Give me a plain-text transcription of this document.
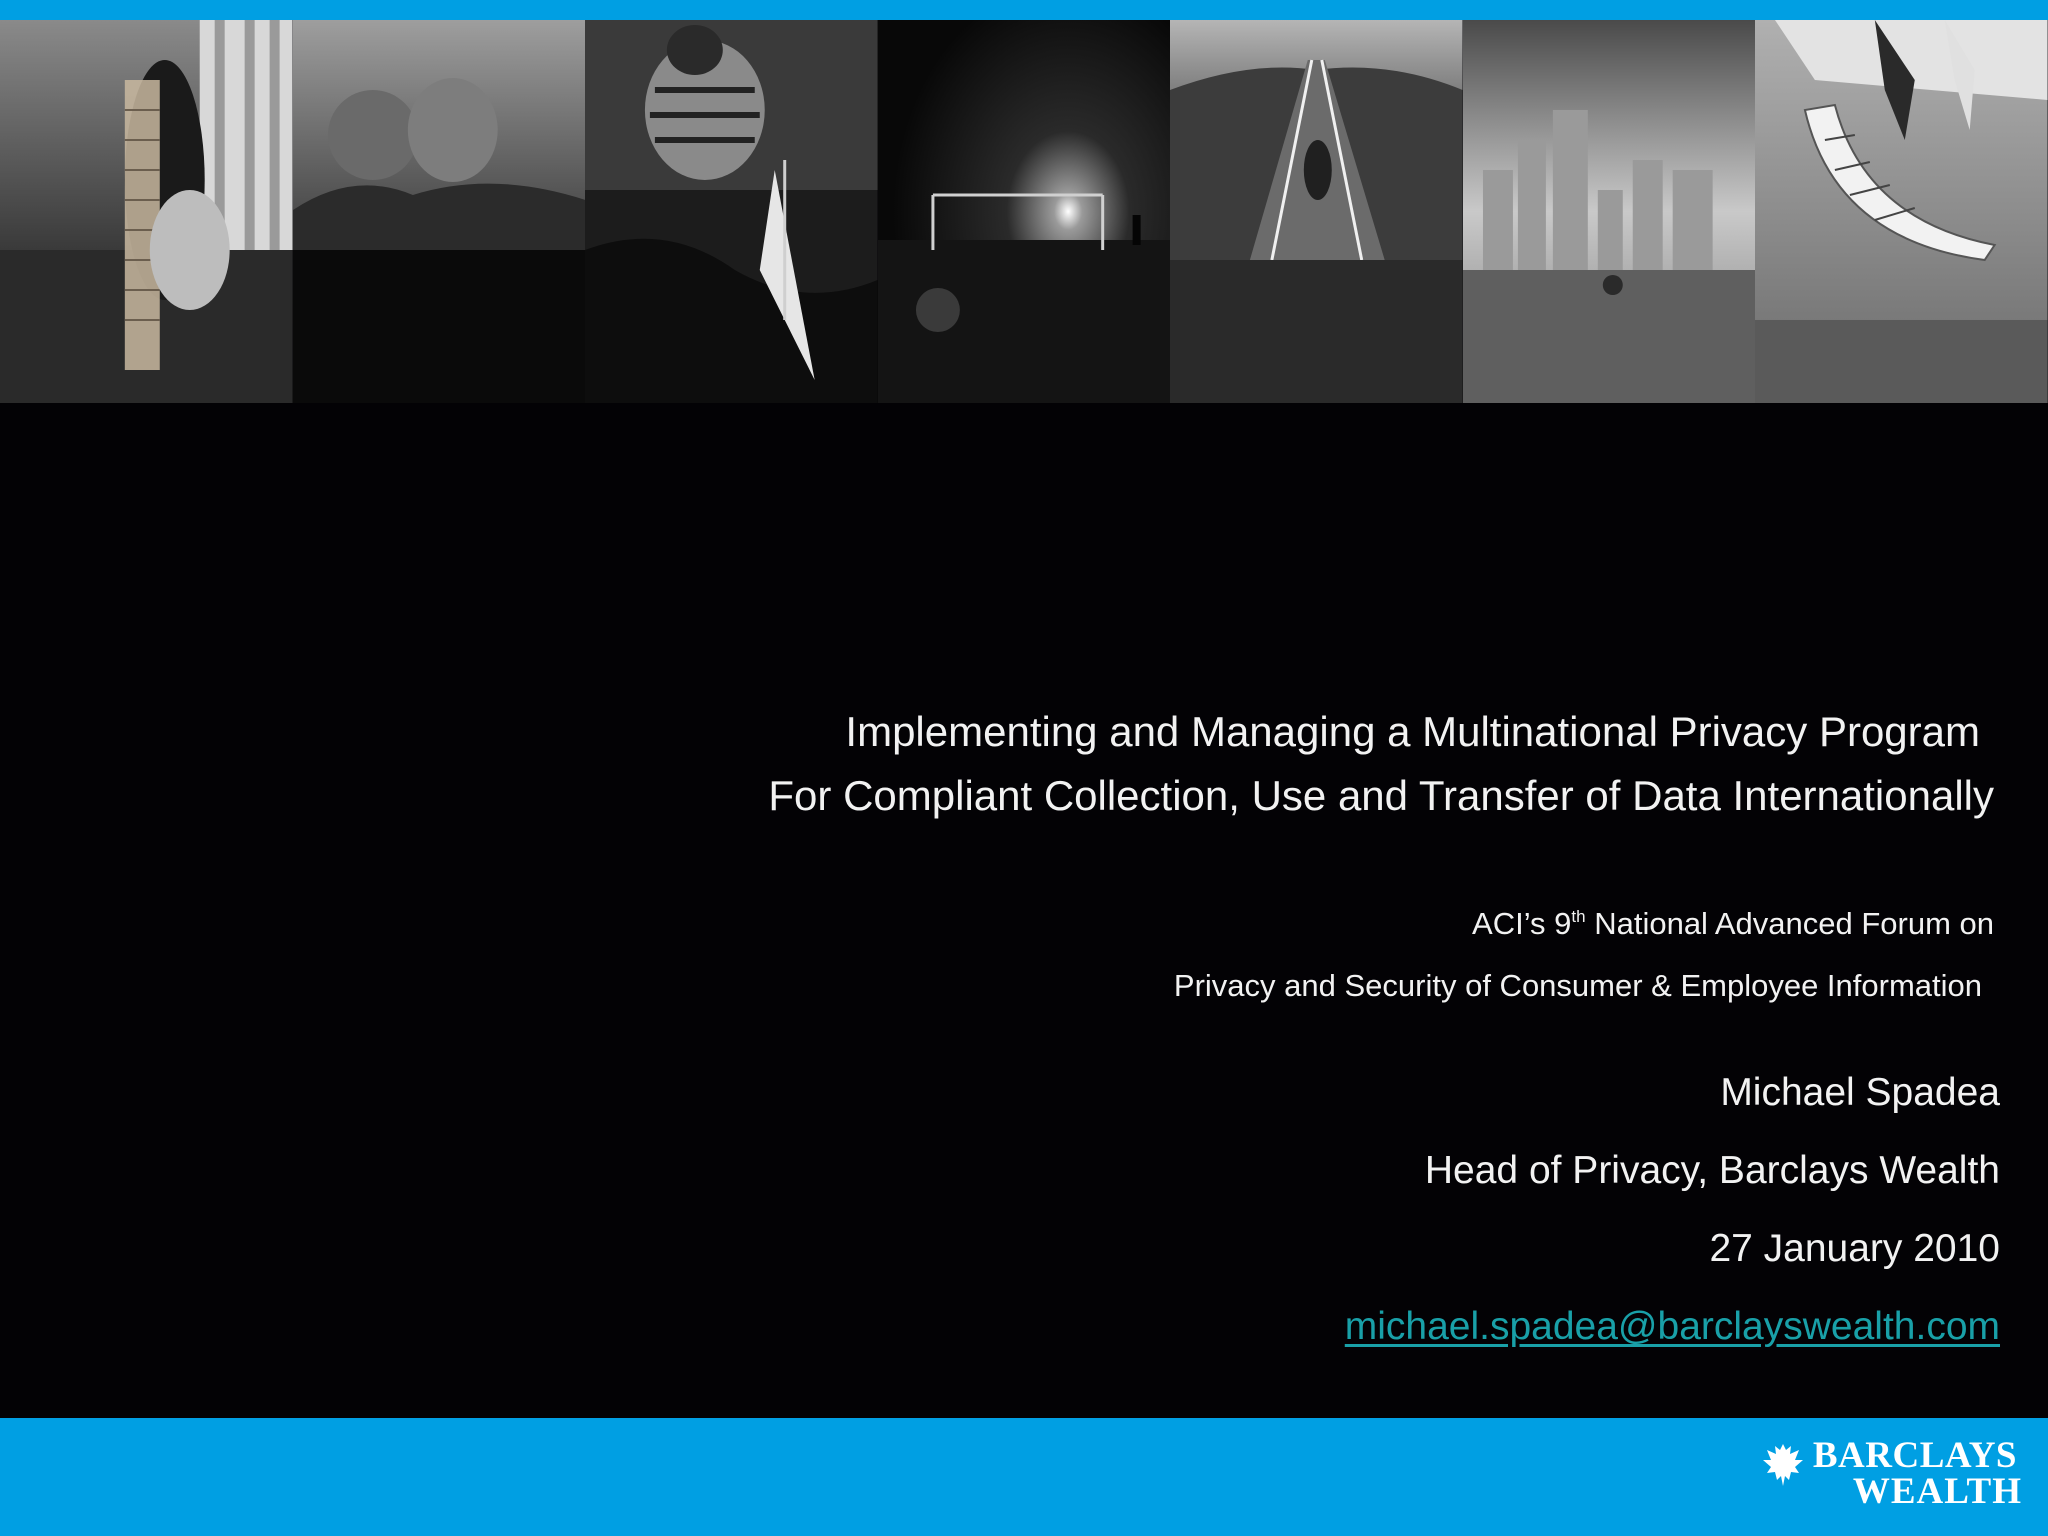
Implementing and Managing a Multinational Privacy Program
For Compliant Collection, Use and Transfer of Data Internationally
ACI’s 9th National Advanced Forum on
Privacy and Security of Consumer & Employee Information
Michael Spadea
Head of Privacy, Barclays Wealth
27 January 2010
michael.spadea@barclayswealth.com
BARCLAYS
WEALTH
